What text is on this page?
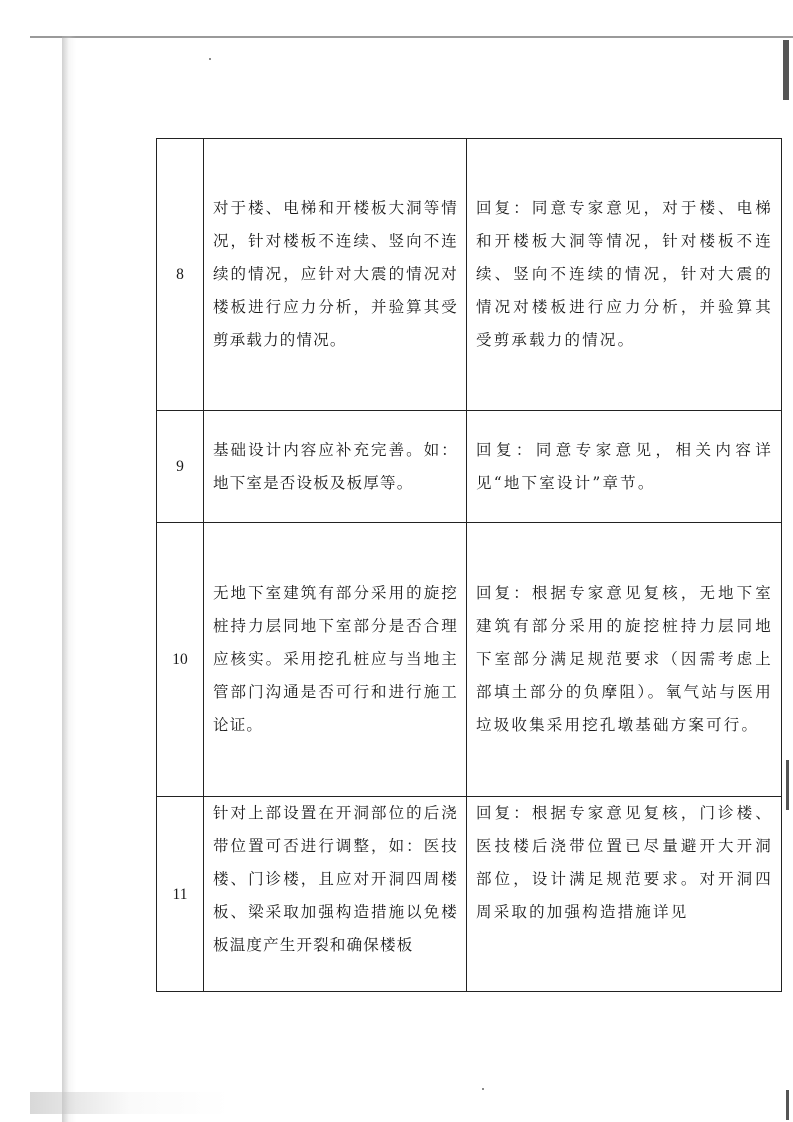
8	对于楼、电梯和开楼板大洞等情况，针对楼板不连续、竖向不连续的情况，应针对大震的情况对楼板进行应力分析，并验算其受剪承载力的情况。	回复：同意专家意见，对于楼、电梯和开楼板大洞等情况，针对楼板不连续、竖向不连续的情况，针对大震的情况对楼板进行应力分析，并验算其受剪承载力的情况。
9	基础设计内容应补充完善。如：地下室是否设板及板厚等。	回复：同意专家意见，相关内容详见“地下室设计”章节。
10	无地下室建筑有部分采用的旋挖桩持力层同地下室部分是否合理应核实。采用挖孔桩应与当地主管部门沟通是否可行和进行施工论证。	回复：根据专家意见复核，无地下室建筑有部分采用的旋挖桩持力层同地下室部分满足规范要求（因需考虑上部填土部分的负摩阻）。氧气站与医用垃圾收集采用挖孔墩基础方案可行。
11	针对上部设置在开洞部位的后浇带位置可否进行调整，如：医技楼、门诊楼，且应对开洞四周楼板、梁采取加强构造措施以免楼板温度产生开裂和确保楼板	回复：根据专家意见复核，门诊楼、医技楼后浇带位置已尽量避开大开洞部位，设计满足规范要求。对开洞四周采取的加强构造措施详见
